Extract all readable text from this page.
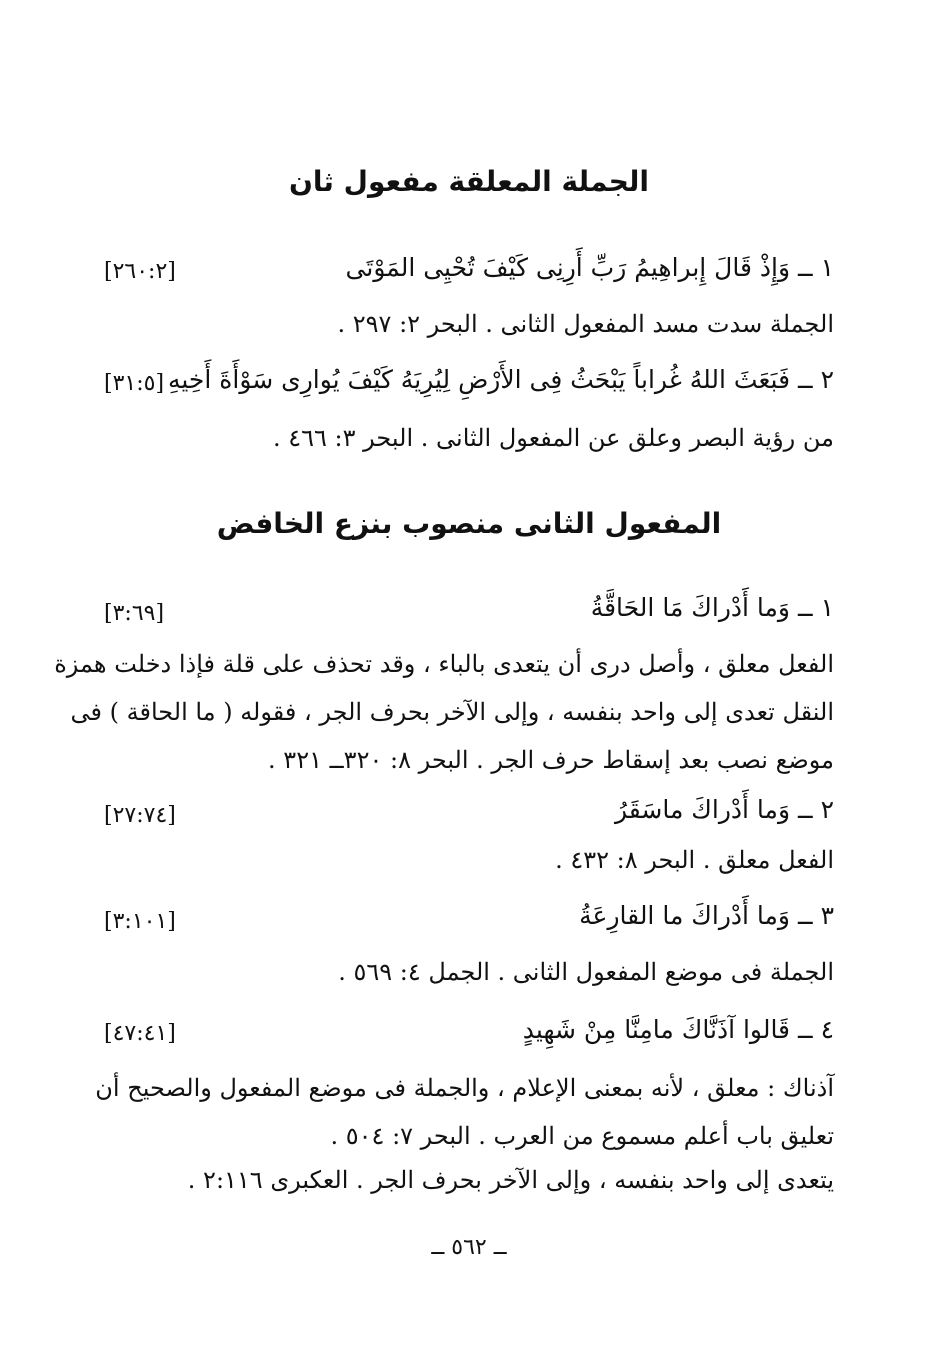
الجملة المعلقة مفعول ثان
١ ــ وَإِذْ قَالَ إِبراهِيمُ رَبِّ أَرِنِى كَيْفَ تُحْيِى المَوْتَى
[٢٦٠:٢]
الجملة سدت مسد المفعول الثانى . البحر ٢: ٢٩٧ .
٢ ــ فَبَعَثَ اللهُ غُراباً يَبْحَثُ فِى الأَرْضِ لِيُرِيَهُ كَيْفَ يُوارِى سَوْأَةَ أَخِيهِ
[٣١:٥]
من رؤية البصر وعلق عن المفعول الثانى . البحر ٣: ٤٦٦ .
المفعول الثانى منصوب بنزع الخافض
١ ــ وَما أَدْراكَ مَا الحَاقَّةُ
[٣:٦٩]
الفعل معلق ، وأصل درى أن يتعدى بالباء ، وقد تحذف على قلة فإذا دخلت همزة
النقل تعدى إلى واحد بنفسه ، وإلى الآخر بحرف الجر ، فقوله ( ما الحاقة ) فى
موضع نصب بعد إسقاط حرف الجر . البحر ٨: ٣٢٠ــ ٣٢١ .
٢ ــ وَما أَدْراكَ ماسَقَرُ
[٢٧:٧٤]
الفعل معلق . البحر ٨: ٤٣٢ .
٣ ــ وَما أَدْراكَ ما القارِعَةُ
[٣:١٠١]
الجملة فى موضع المفعول الثانى . الجمل ٤: ٥٦٩ .
٤ ــ قَالوا آذَنَّاكَ مامِنَّا مِنْ شَهِيدٍ
[٤٧:٤١]
آذناك : معلق ، لأنه بمعنى الإعلام ، والجملة فى موضع المفعول والصحيح أن
تعليق باب أعلم مسموع من العرب . البحر ٧: ٥٠٤ .
يتعدى إلى واحد بنفسه ، وإلى الآخر بحرف الجر . العكبرى ٢:١١٦ .
ــ ٥٦٢ ــ
